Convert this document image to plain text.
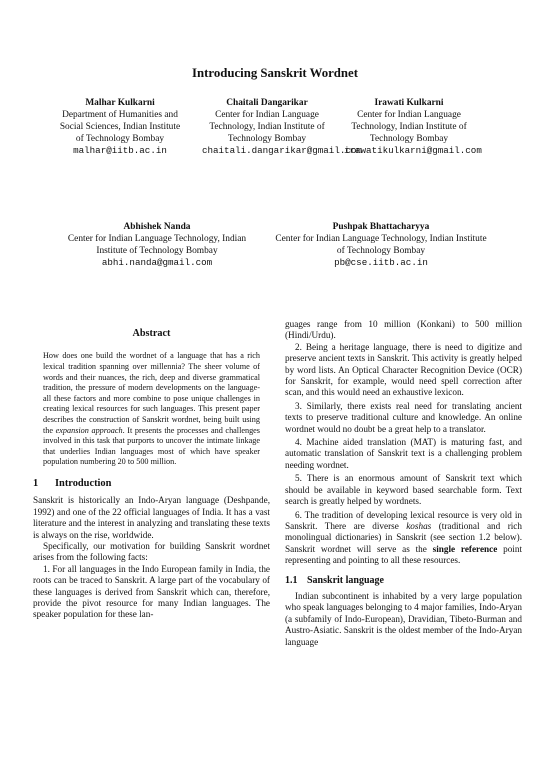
Introducing Sanskrit Wordnet
Malhar Kulkarni
Department of Humanities and Social Sciences, Indian Institute of Technology Bombay
malhar@iitb.ac.in
Chaitali Dangarikar
Center for Indian Language Technology, Indian Institute of Technology Bombay
chaitali.dangarikar@gmail.com
Irawati Kulkarni
Center for Indian Language Technology, Indian Institute of Technology Bombay
irawatikulkarni@gmail.com
Abhishek Nanda
Center for Indian Language Technology, Indian Institute of Technology Bombay
abhi.nanda@gmail.com
Pushpak Bhattacharyya
Center for Indian Language Technology, Indian Institute of Technology Bombay
pb@cse.iitb.ac.in
Abstract

How does one build the wordnet of a language that has a rich lexical tradition spanning over millennia? The sheer volume of words and their nuances, the rich, deep and diverse grammatical tradition, the pressure of modern developments on the language- all these factors and more combine to pose unique challenges in creating lexical resources for such languages. This present paper describes the construction of Sanskrit wordnet, being built using the expansion approach. It presents the processes and challenges involved in this task that purports to uncover the intimate linkage that underlies Indian languages most of which have speaker population numbering 20 to 500 million.

1 Introduction

Sanskrit is historically an Indo-Aryan language (Deshpande, 1992) and one of the 22 official languages of India. It has a vast literature and the interest in analyzing and translating these texts is always on the rise, worldwide.

Specifically, our motivation for building Sanskrit wordnet arises from the following facts:

1. For all languages in the Indo European family in India, the roots can be traced to Sanskrit. A large part of the vocabulary of these languages is derived from Sanskrit which can, therefore, provide the pivot resource for many Indian languages. The speaker population for these lan-

guages range from 10 million (Konkani) to 500 million (Hindi/Urdu).

2. Being a heritage language, there is need to digitize and preserve ancient texts in Sanskrit. This activity is greatly helped by word lists. An Optical Character Recognition Device (OCR) for Sanskrit, for example, would need spell correction after scan, and this would need an exhaustive lexicon.

3. Similarly, there exists real need for translating ancient texts to preserve traditional culture and knowledge. An online wordnet would no doubt be a great help to a translator.

4. Machine aided translation (MAT) is maturing fast, and automatic translation of Sanskrit text is a challenging problem needing wordnet.

5. There is an enormous amount of Sanskrit text which should be available in keyword based searchable form. Text search is greatly helped by wordnets.

6. The tradition of developing lexical resource is very old in Sanskrit. There are diverse koshas (traditional and rich monolingual dictionaries) in Sanskrit (see section 1.2 below). Sanskrit wordnet will serve as the single reference point representing and pointing to all these resources.

1.1 Sanskrit language

Indian subcontinent is inhabited by a very large population who speak languages belonging to 4 major families, Indo-Aryan (a subfamily of Indo-European), Dravidian, Tibeto-Burman and Austro-Asiatic. Sanskrit is the oldest member of the Indo-Aryan language
